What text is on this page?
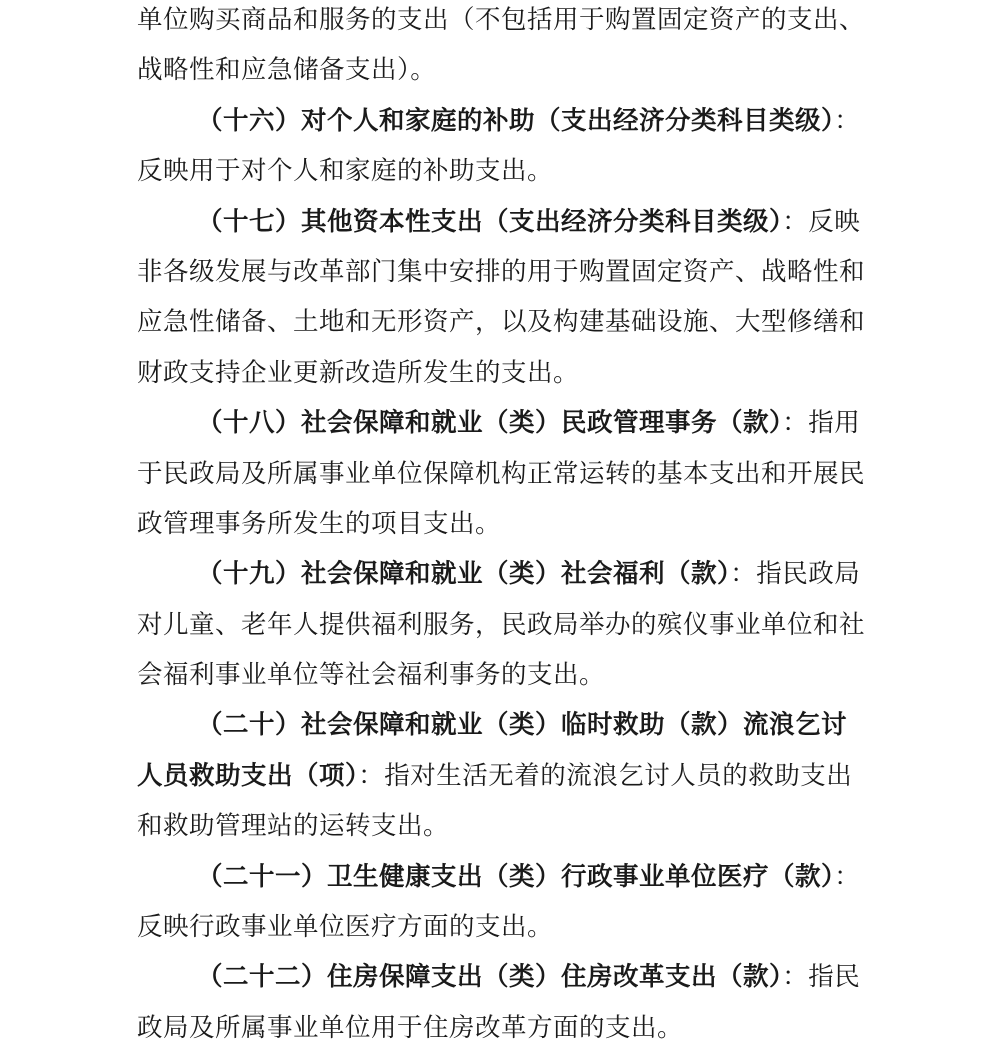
单位购买商品和服务的支出（不包括用于购置固定资产的支出、
战略性和应急储备支出）。
（十六）对个人和家庭的补助（支出经济分类科目类级）：
反映用于对个人和家庭的补助支出。
（十七）其他资本性支出（支出经济分类科目类级）：反映
非各级发展与改革部门集中安排的用于购置固定资产、战略性和
应急性储备、土地和无形资产，以及构建基础设施、大型修缮和
财政支持企业更新改造所发生的支出。
（十八）社会保障和就业（类）民政管理事务（款）：指用
于民政局及所属事业单位保障机构正常运转的基本支出和开展民
政管理事务所发生的项目支出。
（十九）社会保障和就业（类）社会福利（款）：指民政局
对儿童、老年人提供福利服务，民政局举办的殡仪事业单位和社
会福利事业单位等社会福利事务的支出。
（二十）社会保障和就业（类）临时救助（款）流浪乞讨
人员救助支出（项）：指对生活无着的流浪乞讨人员的救助支出
和救助管理站的运转支出。
（二十一）卫生健康支出（类）行政事业单位医疗（款）：
反映行政事业单位医疗方面的支出。
（二十二）住房保障支出（类）住房改革支出（款）：指民
政局及所属事业单位用于住房改革方面的支出。
